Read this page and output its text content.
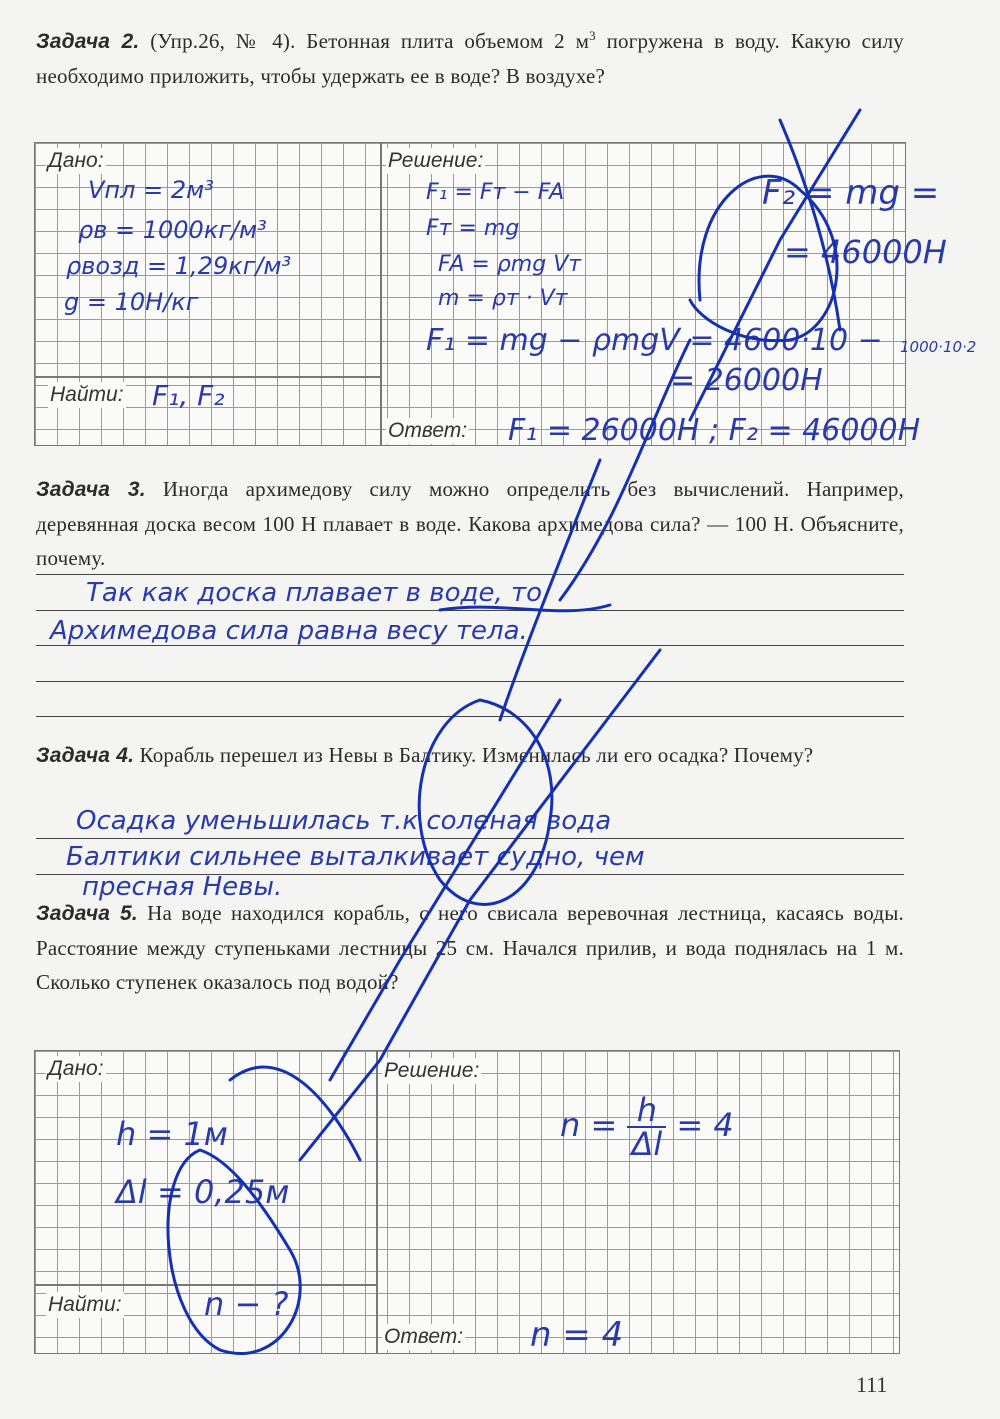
Задача 2. (Упр.26, № 4). Бетонная плита объемом 2 $м^3$ погружена в воду. Какую силу необходимо приложить, чтобы удержать ее в воде? В воздухе?
Дано:	Решение:
Найти:
Ответ:
Vпл = 2м³
ρв = 1000кг/м³
ρвозд = 1,29кг/м³
g = 10Н/кг
F₁, F₂
F₁ = Fт − FA
Fт = mg
FA = ρmg Vт
m = ρт · Vт
F₁ = mg − ρmgV = 4600·10 − 1000·10·2
= 26000Н
F₂ = mg =
= 46000Н
F₁ = 26000Н ; F₂ = 46000Н
Задача 3. Иногда архимедову силу можно определить без вычислений. Например, деревянная доска весом 100 Н плавает в воде. Какова архимедова сила? — 100 Н. Объясните, почему.
Так как доска плавает в воде, то
Архимедова сила равна весу тела.
Задача 4. Корабль перешел из Невы в Балтику. Изменилась ли его осадка? Почему?
Осадка уменьшилась т.к соленая вода
Балтики сильнее выталкивает судно, чем
пресная Невы.
Задача 5. На воде находился корабль, с него свисала веревочная лестница, касаясь воды. Расстояние между ступеньками лестницы 25 см. Начался прилив, и вода поднялась на 1 м. Сколько ступенек оказалось под водой?
Дано:	Решение:
Найти:
Ответ:
h = 1м
Δl = 0,25м
n − ?
$n = \frac{h}{\Delta l} = 4$
n = 4
111
